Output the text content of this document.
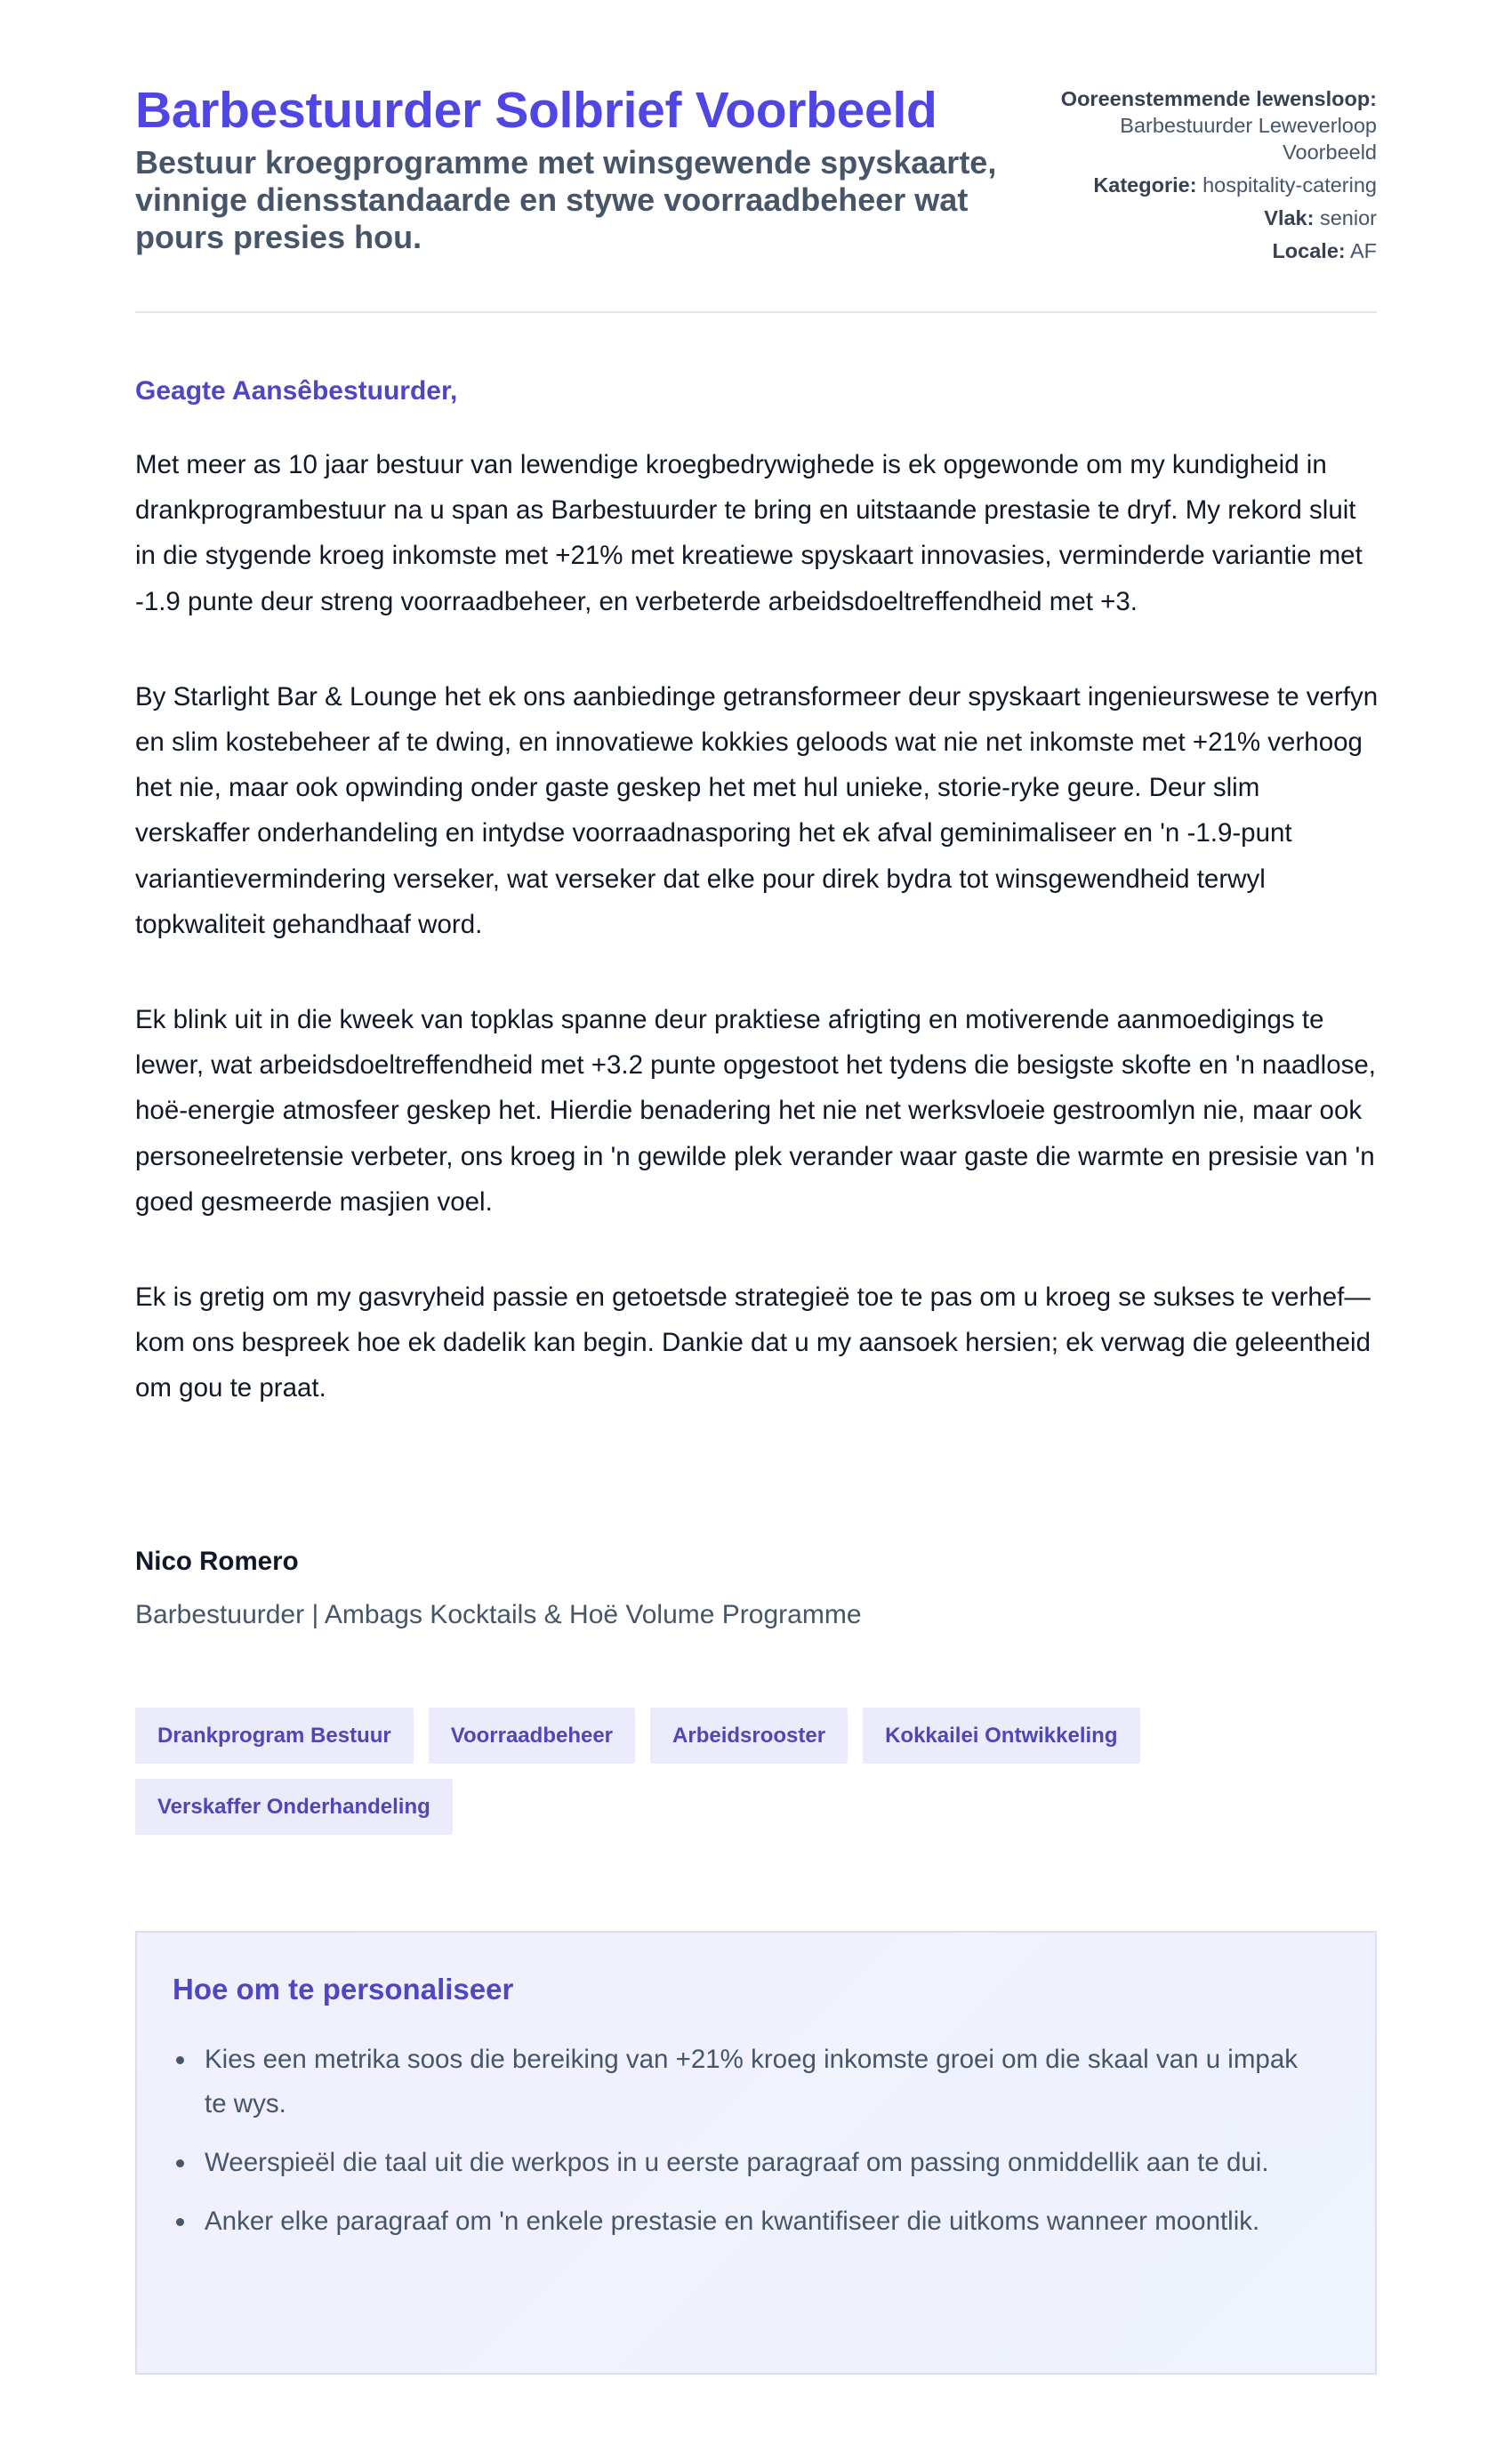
Barbestuurder Solbrief Voorbeeld
Bestuur kroegprogramme met winsgewende spyskaarte, vinnige diensstandaarde en stywe voorraadbeheer wat pours presies hou.
Ooreenstemmende lewensloop: Barbestuurder Leweverloop Voorbeeld
Kategorie: hospitality-catering
Vlak: senior
Locale: AF

Geagte Aansêbestuurder,

Met meer as 10 jaar bestuur van lewendige kroegbedrywighede is ek opgewonde om my kundigheid in drankprogrambestuur na u span as Barbestuurder te bring en uitstaande prestasie te dryf. My rekord sluit in die stygende kroeg inkomste met +21% met kreatiewe spyskaart innovasies, verminderde variantie met -1.9 punte deur streng voorraadbeheer, en verbeterde arbeidsdoeltreffendheid met +3.

By Starlight Bar & Lounge het ek ons aanbiedinge getransformeer deur spyskaart ingenieurswese te verfyn en slim kostebeheer af te dwing, en innovatiewe kokkies geloods wat nie net inkomste met +21% verhoog het nie, maar ook opwinding onder gaste geskep het met hul unieke, storie-ryke geure. Deur slim verskaffer onderhandeling en intydse voorraadnasporing het ek afval geminimaliseer en 'n -1.9-punt variantievermindering verseker, wat verseker dat elke pour direk bydra tot winsgewendheid terwyl topkwaliteit gehandhaaf word.

Ek blink uit in die kweek van topklas spanne deur praktiese afrigting en motiverende aanmoedigings te lewer, wat arbeidsdoeltreffendheid met +3.2 punte opgestoot het tydens die besigste skofte en 'n naadlose, hoë-energie atmosfeer geskep het. Hierdie benadering het nie net werksvloeie gestroomlyn nie, maar ook personeelretensie verbeter, ons kroeg in 'n gewilde plek verander waar gaste die warmte en presisie van 'n goed gesmeerde masjien voel.

Ek is gretig om my gasvryheid passie en getoetsde strategieë toe te pas om u kroeg se sukses te verhef—kom ons bespreek hoe ek dadelik kan begin. Dankie dat u my aansoek hersien; ek verwag die geleentheid om gou te praat.

Nico Romero

Barbestuurder | Ambags Kocktails & Hoë Volume Programme

Drankprogram Bestuur	Voorraadbeheer	Arbeidsrooster	Kokkailei Ontwikkeling
Verskaffer Onderhandeling
Hoe om te personaliseer
Kies een metrika soos die bereiking van +21% kroeg inkomste groei om die skaal van u impak te wys.
Weerspieël die taal uit die werkpos in u eerste paragraaf om passing onmiddellik aan te dui.
Anker elke paragraaf om 'n enkele prestasie en kwantifiseer die uitkoms wanneer moontlik.
